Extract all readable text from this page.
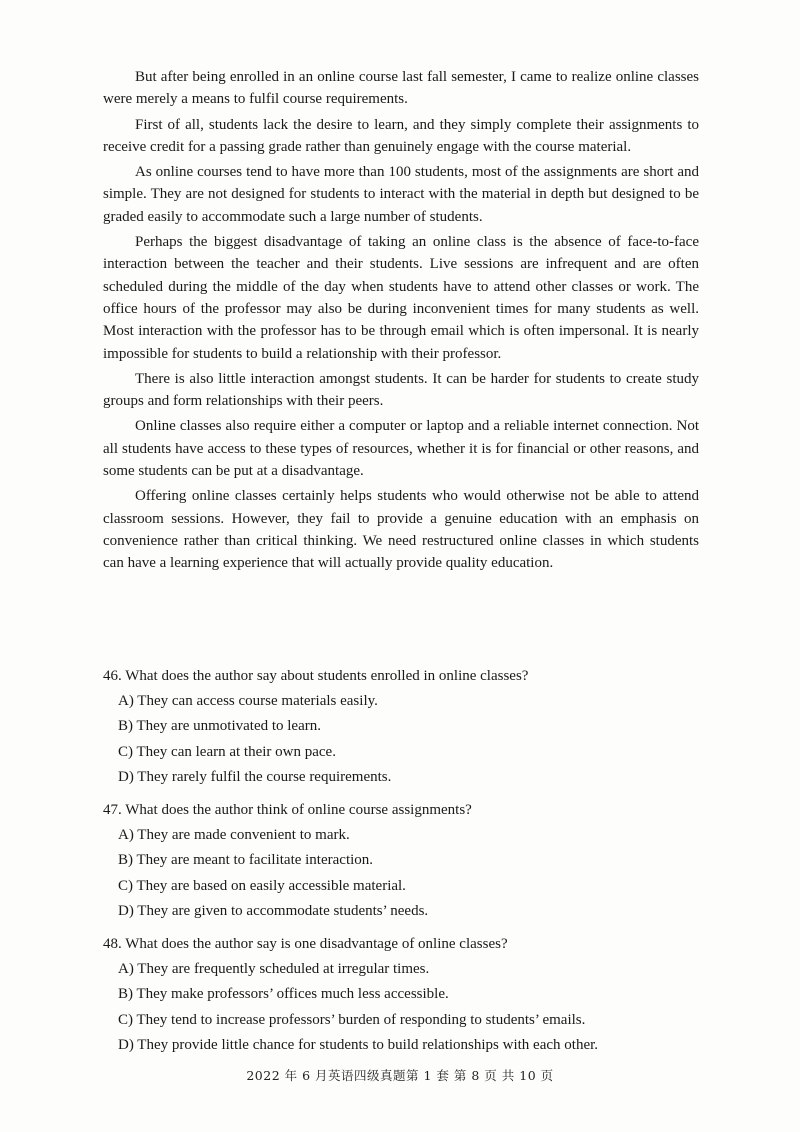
But after being enrolled in an online course last fall semester, I came to realize online classes were merely a means to fulfil course requirements.

First of all, students lack the desire to learn, and they simply complete their assignments to receive credit for a passing grade rather than genuinely engage with the course material.

As online courses tend to have more than 100 students, most of the assignments are short and simple. They are not designed for students to interact with the material in depth but designed to be graded easily to accommodate such a large number of students.

Perhaps the biggest disadvantage of taking an online class is the absence of face-to-face interaction between the teacher and their students. Live sessions are infrequent and are often scheduled during the middle of the day when students have to attend other classes or work. The office hours of the professor may also be during inconvenient times for many students as well. Most interaction with the professor has to be through email which is often impersonal. It is nearly impossible for students to build a relationship with their professor.

There is also little interaction amongst students. It can be harder for students to create study groups and form relationships with their peers.

Online classes also require either a computer or laptop and a reliable internet connection. Not all students have access to these types of resources, whether it is for financial or other reasons, and some students can be put at a disadvantage.

Offering online classes certainly helps students who would otherwise not be able to attend classroom sessions. However, they fail to provide a genuine education with an emphasis on convenience rather than critical thinking. We need restructured online classes in which students can have a learning experience that will actually provide quality education.

46. What does the author say about students enrolled in online classes?

A) They can access course materials easily.
B) They are unmotivated to learn.
C) They can learn at their own pace.
D) They rarely fulfil the course requirements.

47. What does the author think of online course assignments?

A) They are made convenient to mark.
B) They are meant to facilitate interaction.
C) They are based on easily accessible material.
D) They are given to accommodate students’ needs.

48. What does the author say is one disadvantage of online classes?

A) They are frequently scheduled at irregular times.
B) They make professors’ offices much less accessible.
C) They tend to increase professors’ burden of responding to students’ emails.
D) They provide little chance for students to build relationships with each other.
2022 年 6 月英语四级真题第 1 套 第 8 页 共 10 页
